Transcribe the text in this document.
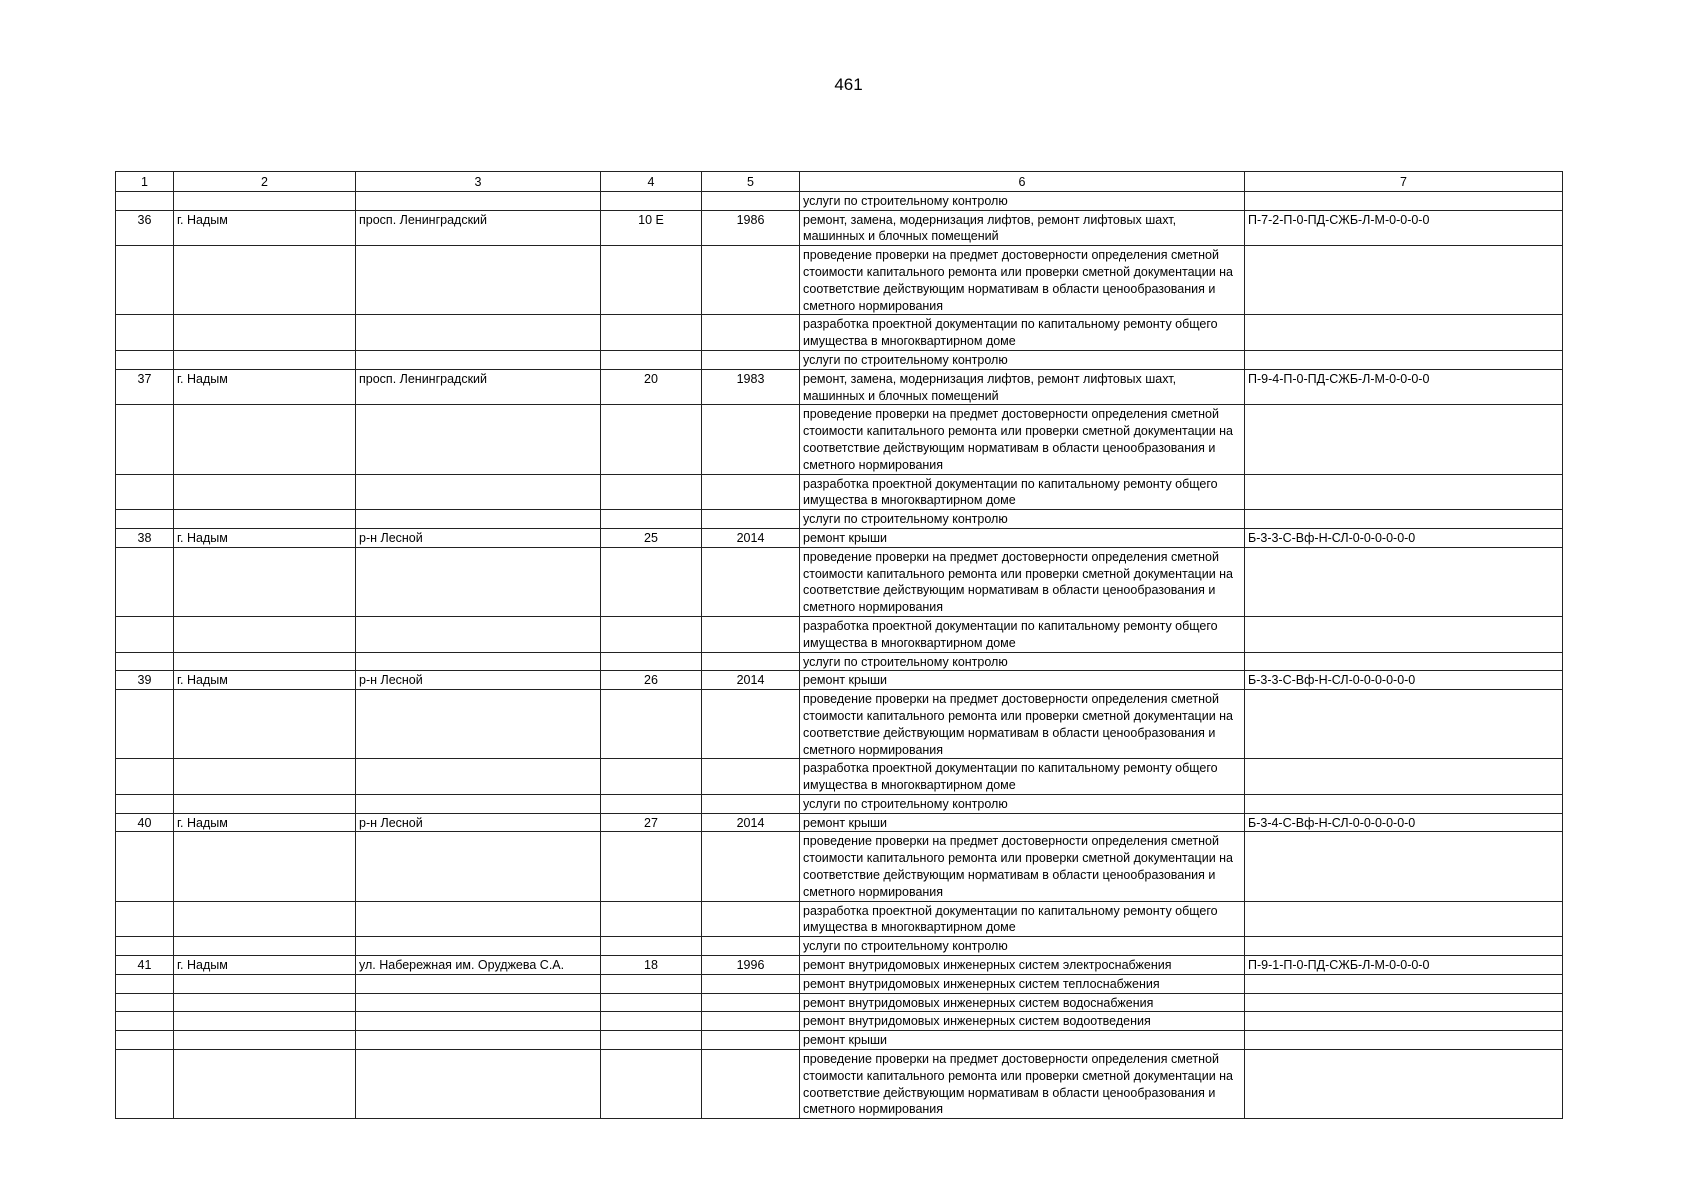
461
1	2	3	4	5	6	7
					услуги по строительному контролю	
36	г. Надым	просп. Ленинградский	10 Е	1986	ремонт, замена, модернизация лифтов, ремонт лифтовых шахт, машинных и блочных помещений	П-7-2-П-0-ПД-СЖБ-Л-М-0-0-0-0
					проведение проверки на предмет достоверности определения сметной стоимости капитального ремонта или проверки сметной документации на соответствие действующим нормативам в области ценообразования и сметного нормирования	
					разработка проектной документации по капитальному ремонту общего имущества в многоквартирном доме	
					услуги по строительному контролю	
37	г. Надым	просп. Ленинградский	20	1983	ремонт, замена, модернизация лифтов, ремонт лифтовых шахт, машинных и блочных помещений	П-9-4-П-0-ПД-СЖБ-Л-М-0-0-0-0
					проведение проверки на предмет достоверности определения сметной стоимости капитального ремонта или проверки сметной документации на соответствие действующим нормативам в области ценообразования и сметного нормирования	
					разработка проектной документации по капитальному ремонту общего имущества в многоквартирном доме	
					услуги по строительному контролю	
38	г. Надым	р-н Лесной	25	2014	ремонт крыши	Б-3-3-С-Вф-Н-СЛ-0-0-0-0-0-0
					проведение проверки на предмет достоверности определения сметной стоимости капитального ремонта или проверки сметной документации на соответствие действующим нормативам в области ценообразования и сметного нормирования	
					разработка проектной документации по капитальному ремонту общего имущества в многоквартирном доме	
					услуги по строительному контролю	
39	г. Надым	р-н Лесной	26	2014	ремонт крыши	Б-3-3-С-Вф-Н-СЛ-0-0-0-0-0-0
					проведение проверки на предмет достоверности определения сметной стоимости капитального ремонта или проверки сметной документации на соответствие действующим нормативам в области ценообразования и сметного нормирования	
					разработка проектной документации по капитальному ремонту общего имущества в многоквартирном доме	
					услуги по строительному контролю	
40	г. Надым	р-н Лесной	27	2014	ремонт крыши	Б-3-4-С-Вф-Н-СЛ-0-0-0-0-0-0
					проведение проверки на предмет достоверности определения сметной стоимости капитального ремонта или проверки сметной документации на соответствие действующим нормативам в области ценообразования и сметного нормирования	
					разработка проектной документации по капитальному ремонту общего имущества в многоквартирном доме	
					услуги по строительному контролю	
41	г. Надым	ул. Набережная им. Оруджева С.А.	18	1996	ремонт внутридомовых инженерных систем электроснабжения	П-9-1-П-0-ПД-СЖБ-Л-М-0-0-0-0
					ремонт внутридомовых инженерных систем теплоснабжения	
					ремонт внутридомовых инженерных систем водоснабжения	
					ремонт внутридомовых инженерных систем водоотведения	
					ремонт крыши	
					проведение проверки на предмет достоверности определения сметной стоимости капитального ремонта или проверки сметной документации на соответствие действующим нормативам в области ценообразования и сметного нормирования	
